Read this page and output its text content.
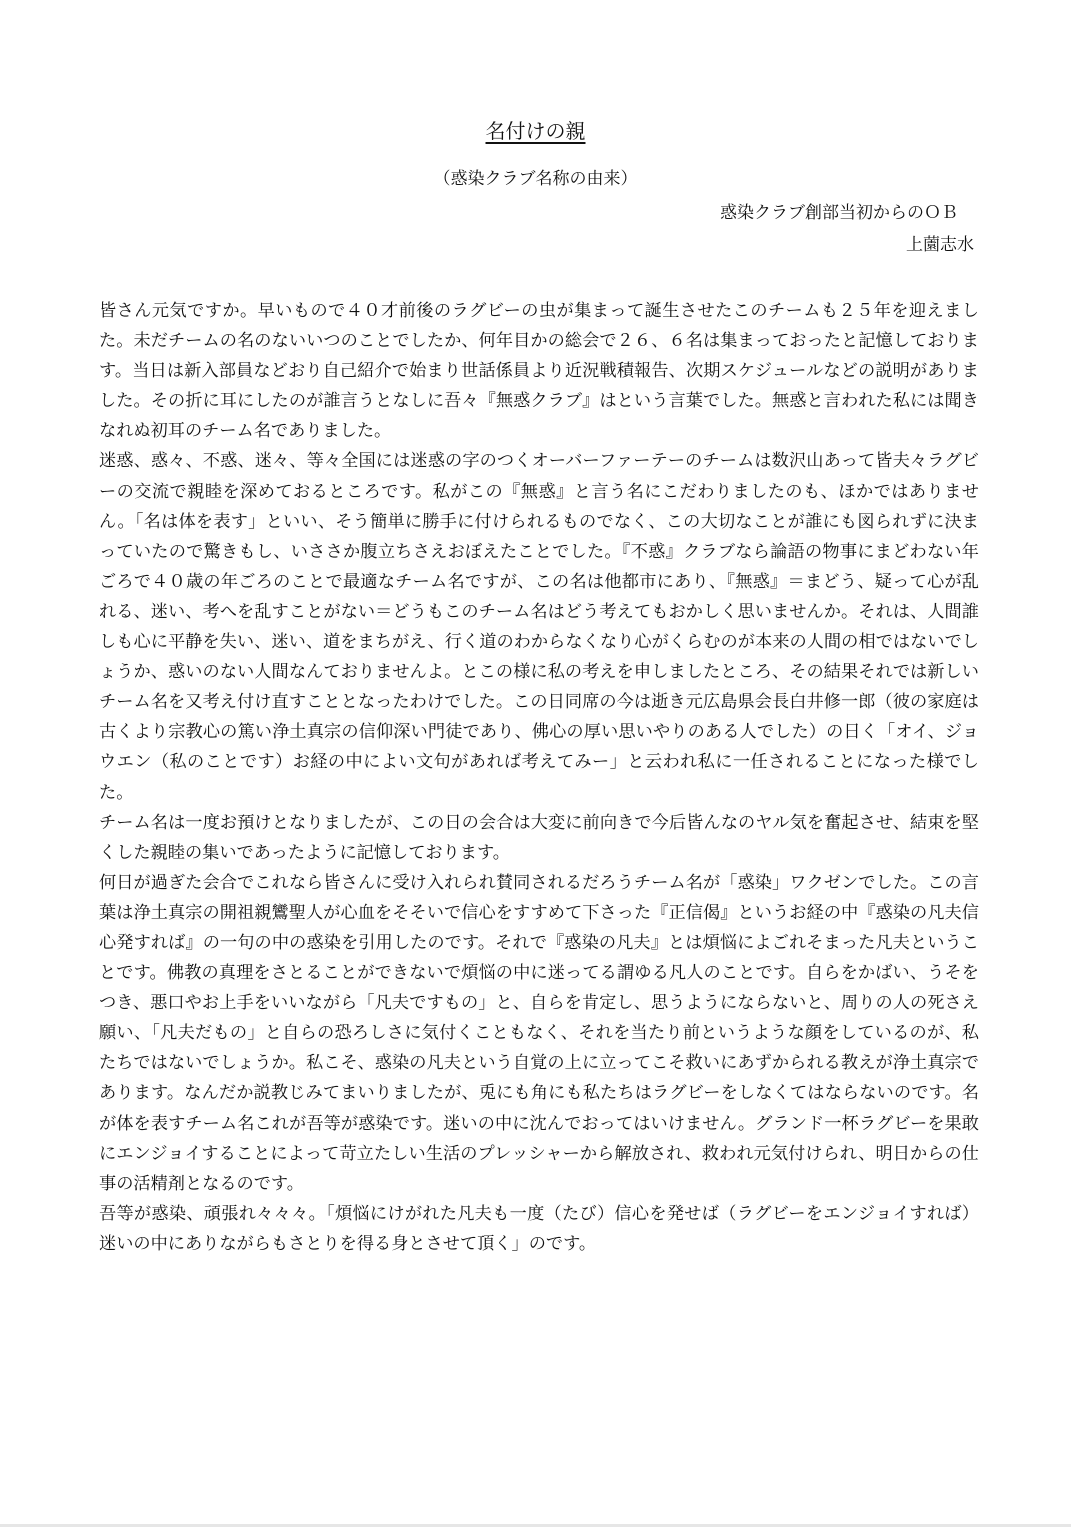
名付けの親

（惑染クラブ名称の由来）

惑染クラブ創部当初からのＯＢ

上薗志水

皆さん元気ですか。早いもので４０才前後のラグビーの虫が集まって誕生させたこのチームも２５年を迎えました。未だチームの名のないいつのことでしたか、何年目かの総会で２６、６名は集まっておったと記憶しております。当日は新入部員などおり自己紹介で始まり世話係員より近況戦積報告、次期スケジュールなどの説明がありました。その折に耳にしたのが誰言うとなしに吾々『無惑クラブ』はという言葉でした。無惑と言われた私には聞きなれぬ初耳のチーム名でありました。

迷惑、惑々、不惑、迷々、等々全国には迷惑の字のつくオーバーファーテーのチームは数沢山あって皆夫々ラグビーの交流で親睦を深めておるところです。私がこの『無惑』と言う名にこだわりましたのも、ほかではありません。「名は体を表す」といい、そう簡単に勝手に付けられるものでなく、この大切なことが誰にも図られずに決まっていたので驚きもし、いささか腹立ちさえおぼえたことでした。『不惑』クラブなら論語の物事にまどわない年ごろで４０歳の年ごろのことで最適なチーム名ですが、この名は他都市にあり、『無惑』＝まどう、疑って心が乱れる、迷い、考へを乱すことがない＝どうもこのチーム名はどう考えてもおかしく思いませんか。それは、人間誰しも心に平静を失い、迷い、道をまちがえ、行く道のわからなくなり心がくらむのが本来の人間の相ではないでしょうか、惑いのない人間なんておりませんよ。とこの様に私の考えを申しましたところ、その結果それでは新しいチーム名を又考え付け直すこととなったわけでした。この日同席の今は逝き元広島県会長白井修一郎（彼の家庭は古くより宗教心の篤い浄土真宗の信仰深い門徒であり、佛心の厚い思いやりのある人でした）の日く「オイ、ジョウエン（私のことです）お経の中によい文句があれば考えてみー」と云われ私に一任されることになった様でした。

チーム名は一度お預けとなりましたが、この日の会合は大変に前向きで今后皆んなのヤル気を奮起させ、結束を堅くした親睦の集いであったように記憶しております。

何日が過ぎた会合でこれなら皆さんに受け入れられ賛同されるだろうチーム名が「惑染」ワクゼンでした。この言葉は浄土真宗の開祖親鸞聖人が心血をそそいで信心をすすめて下さった『正信偈』というお経の中『惑染の凡夫信心発すれば』の一句の中の惑染を引用したのです。それで『惑染の凡夫』とは煩悩によごれそまった凡夫ということです。佛教の真理をさとることができないで煩悩の中に迷ってる謂ゆる凡人のことです。自らをかばい、うそをつき、悪口やお上手をいいながら「凡夫ですもの」と、自らを肯定し、思うようにならないと、周りの人の死さえ願い、「凡夫だもの」と自らの恐ろしさに気付くこともなく、それを当たり前というような顔をしているのが、私たちではないでしょうか。私こそ、惑染の凡夫という自覚の上に立ってこそ救いにあずかられる教えが浄土真宗であります。なんだか説教じみてまいりましたが、兎にも角にも私たちはラグビーをしなくてはならないのです。名が体を表すチーム名これが吾等が惑染です。迷いの中に沈んでおってはいけません。グランド一杯ラグビーを果敢にエンジョイすることによって苛立たしい生活のプレッシャーから解放され、救われ元気付けられ、明日からの仕事の活精剤となるのです。

吾等が惑染、頑張れ々々々。「煩悩にけがれた凡夫も一度（たび）信心を発せば（ラグビーをエンジョイすれば）迷いの中にありながらもさとりを得る身とさせて頂く」のです。
